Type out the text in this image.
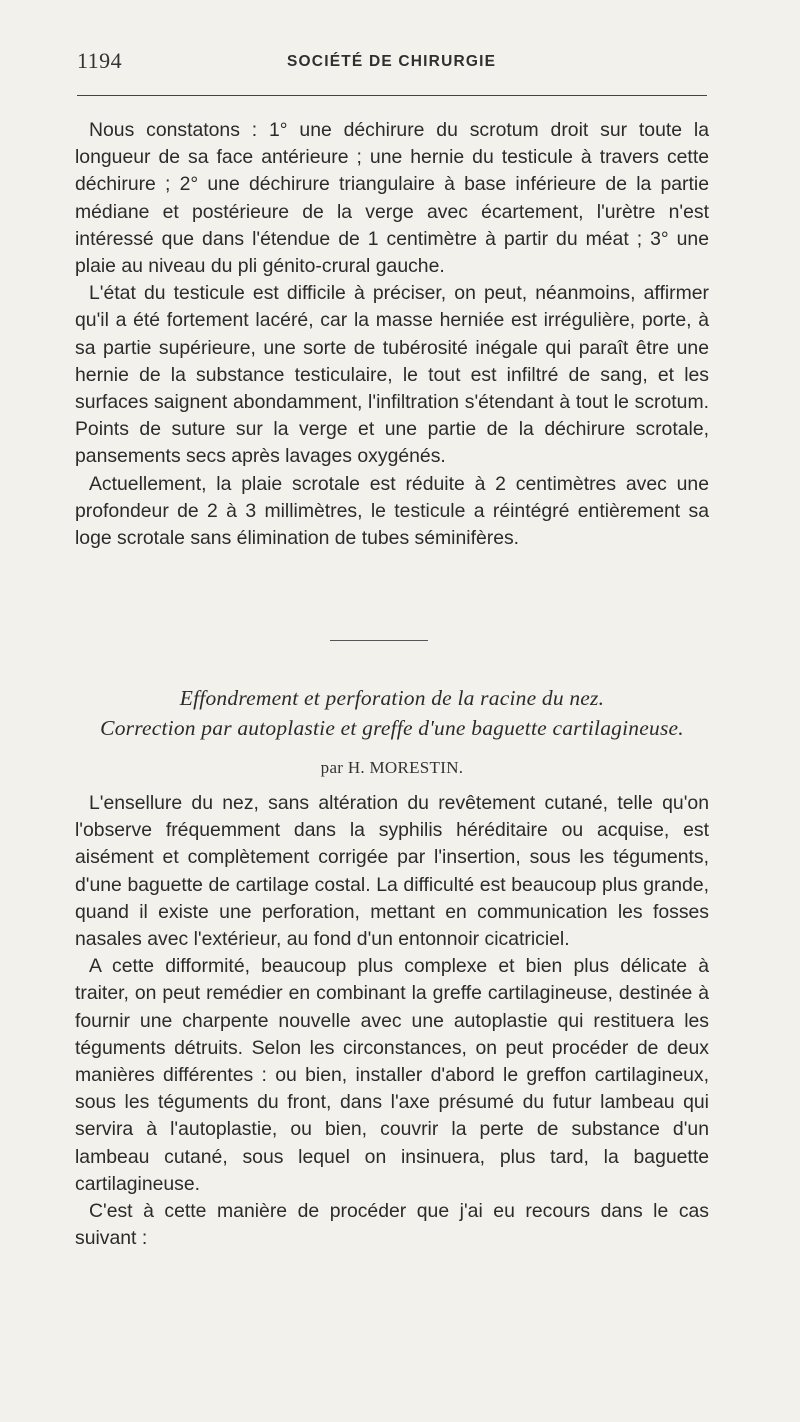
1194	SOCIÉTÉ DE CHIRURGIE

Nous constatons : 1° une déchirure du scrotum droit sur toute la longueur de sa face antérieure ; une hernie du testicule à travers cette déchirure ; 2° une déchirure triangulaire à base inférieure de la partie médiane et postérieure de la verge avec écartement, l'urètre n'est intéressé que dans l'étendue de 1 centimètre à partir du méat ; 3° une plaie au niveau du pli génito-crural gauche.

L'état du testicule est difficile à préciser, on peut, néanmoins, affirmer qu'il a été fortement lacéré, car la masse herniée est irrégulière, porte, à sa partie supérieure, une sorte de tubérosité inégale qui paraît être une hernie de la substance testiculaire, le tout est infiltré de sang, et les surfaces saignent abondamment, l'infiltration s'étendant à tout le scrotum. Points de suture sur la verge et une partie de la déchirure scrotale, pansements secs après lavages oxygénés.

Actuellement, la plaie scrotale est réduite à 2 centimètres avec une profondeur de 2 à 3 millimètres, le testicule a réintégré entièrement sa loge scrotale sans élimination de tubes séminifères.

Effondrement et perforation de la racine du nez.
Correction par autoplastie et greffe d'une baguette cartilagineuse.
par H. MORESTIN.

L'ensellure du nez, sans altération du revêtement cutané, telle qu'on l'observe fréquemment dans la syphilis héréditaire ou acquise, est aisément et complètement corrigée par l'insertion, sous les téguments, d'une baguette de cartilage costal. La difficulté est beaucoup plus grande, quand il existe une perforation, mettant en communication les fosses nasales avec l'extérieur, au fond d'un entonnoir cicatriciel.

A cette difformité, beaucoup plus complexe et bien plus délicate à traiter, on peut remédier en combinant la greffe cartilagineuse, destinée à fournir une charpente nouvelle avec une autoplastie qui restituera les téguments détruits. Selon les circonstances, on peut procéder de deux manières différentes : ou bien, installer d'abord le greffon cartilagineux, sous les téguments du front, dans l'axe présumé du futur lambeau qui servira à l'autoplastie, ou bien, couvrir la perte de substance d'un lambeau cutané, sous lequel on insinuera, plus tard, la baguette cartilagineuse.

C'est à cette manière de procéder que j'ai eu recours dans le cas suivant :
